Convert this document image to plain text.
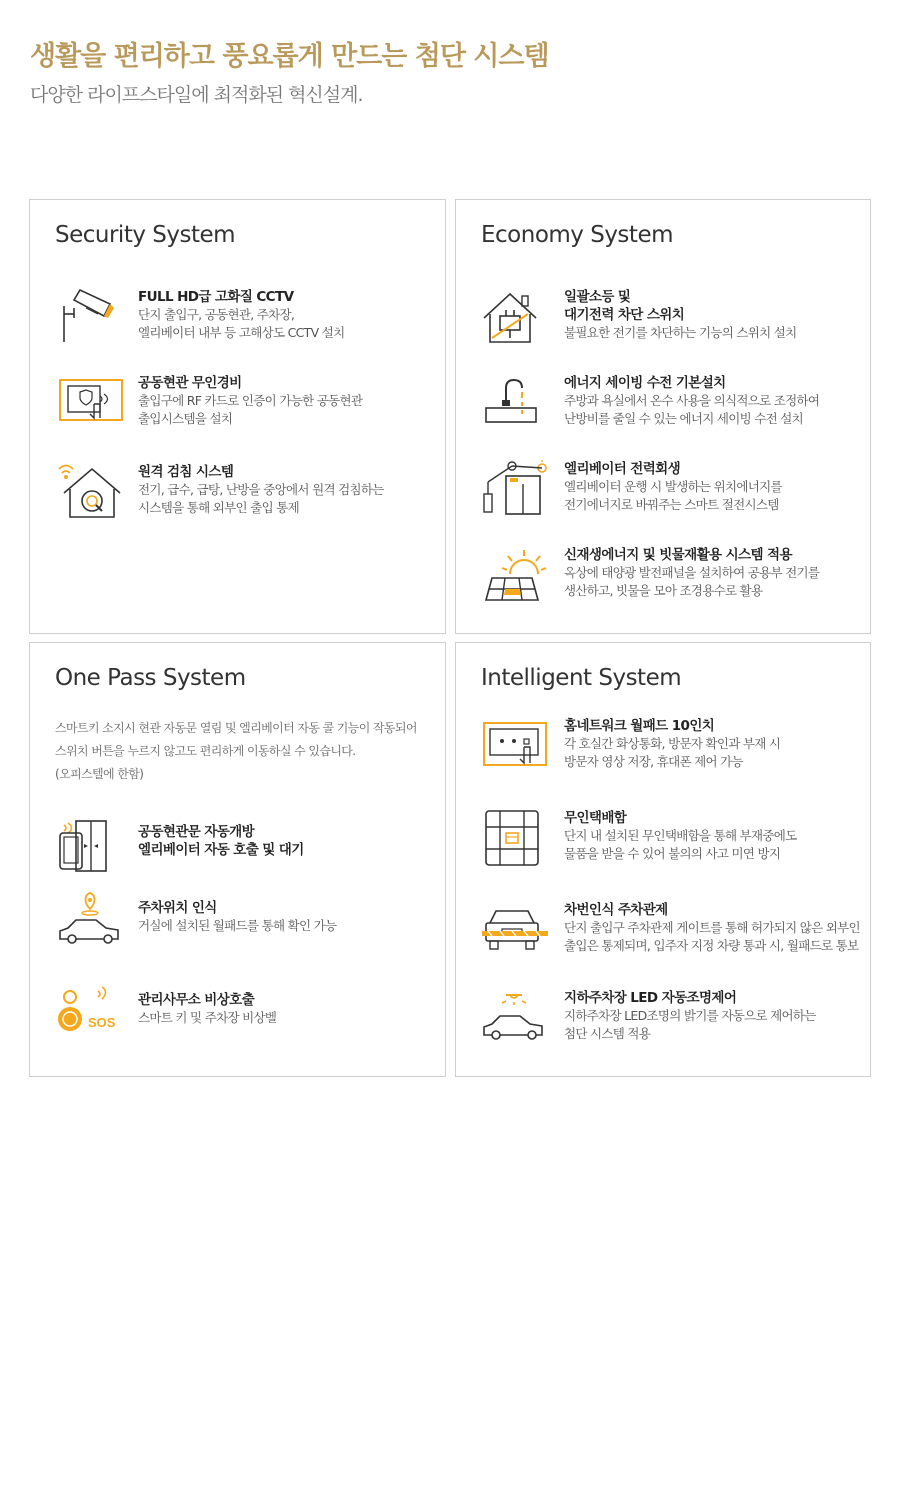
생활을 편리하고 풍요롭게 만드는 첨단 시스템
다양한 라이프스타일에 최적화된 혁신설계.
Security System
FULL HD급 고화질 CCTV
단지 출입구, 공동현관, 주차장,
엘리베이터 내부 등 고해상도 CCTV 설치
공동현관 무인경비
출입구에 RF 카드로 인증이 가능한 공동현관
출입시스템을 설치
원격 검침 시스템
전기, 급수, 급탕, 난방을 중앙에서 원격 검침하는
시스템을 통해 외부인 출입 통제
Economy System
일괄소등 및
대기전력 차단 스위치
불필요한 전기를 차단하는 기능의 스위치 설치
에너지 세이빙 수전 기본설치
주방과 욕실에서 온수 사용을 의식적으로 조정하여
난방비를 줄일 수 있는 에너지 세이빙 수전 설치
엘리베이터 전력회생
엘리베이터 운행 시 발생하는 위치에너지를
전기에너지로 바꿔주는 스마트 절전시스템
신재생에너지 및 빗물재활용 시스템 적용
옥상에 태양광 발전패널을 설치하여 공용부 전기를
생산하고, 빗물을 모아 조경용수로 활용
One Pass System
스마트키 소지시 현관 자동문 열림 및 엘리베이터 자동 콜 기능이 작동되어
스위치 버튼을 누르지 않고도 편리하게 이동하실 수 있습니다.
(오피스텔에 한함)
공동현관문 자동개방
엘리베이터 자동 호출 및 대기
주차위치 인식
거실에 설치된 월패드를 통해 확인 가능
SOS
관리사무소 비상호출
스마트 키 및 주차장 비상벨
Intelligent System
홈네트워크 월패드 10인치
각 호실간 화상통화, 방문자 확인과 부재 시
방문자 영상 저장, 휴대폰 제어 가능
무인택배함
단지 내 설치된 무인택배함을 통해 부재중에도
물품을 받을 수 있어 불의의 사고 미연 방지
차번인식 주차관제
단지 출입구 주차관제 게이트를 통해 허가되지 않은 외부인
출입은 통제되며, 입주자 지정 차량 통과 시, 월패드로 통보
지하주차장 LED 자동조명제어
지하주차장 LED조명의 밝기를 자동으로 제어하는
첨단 시스템 적용
